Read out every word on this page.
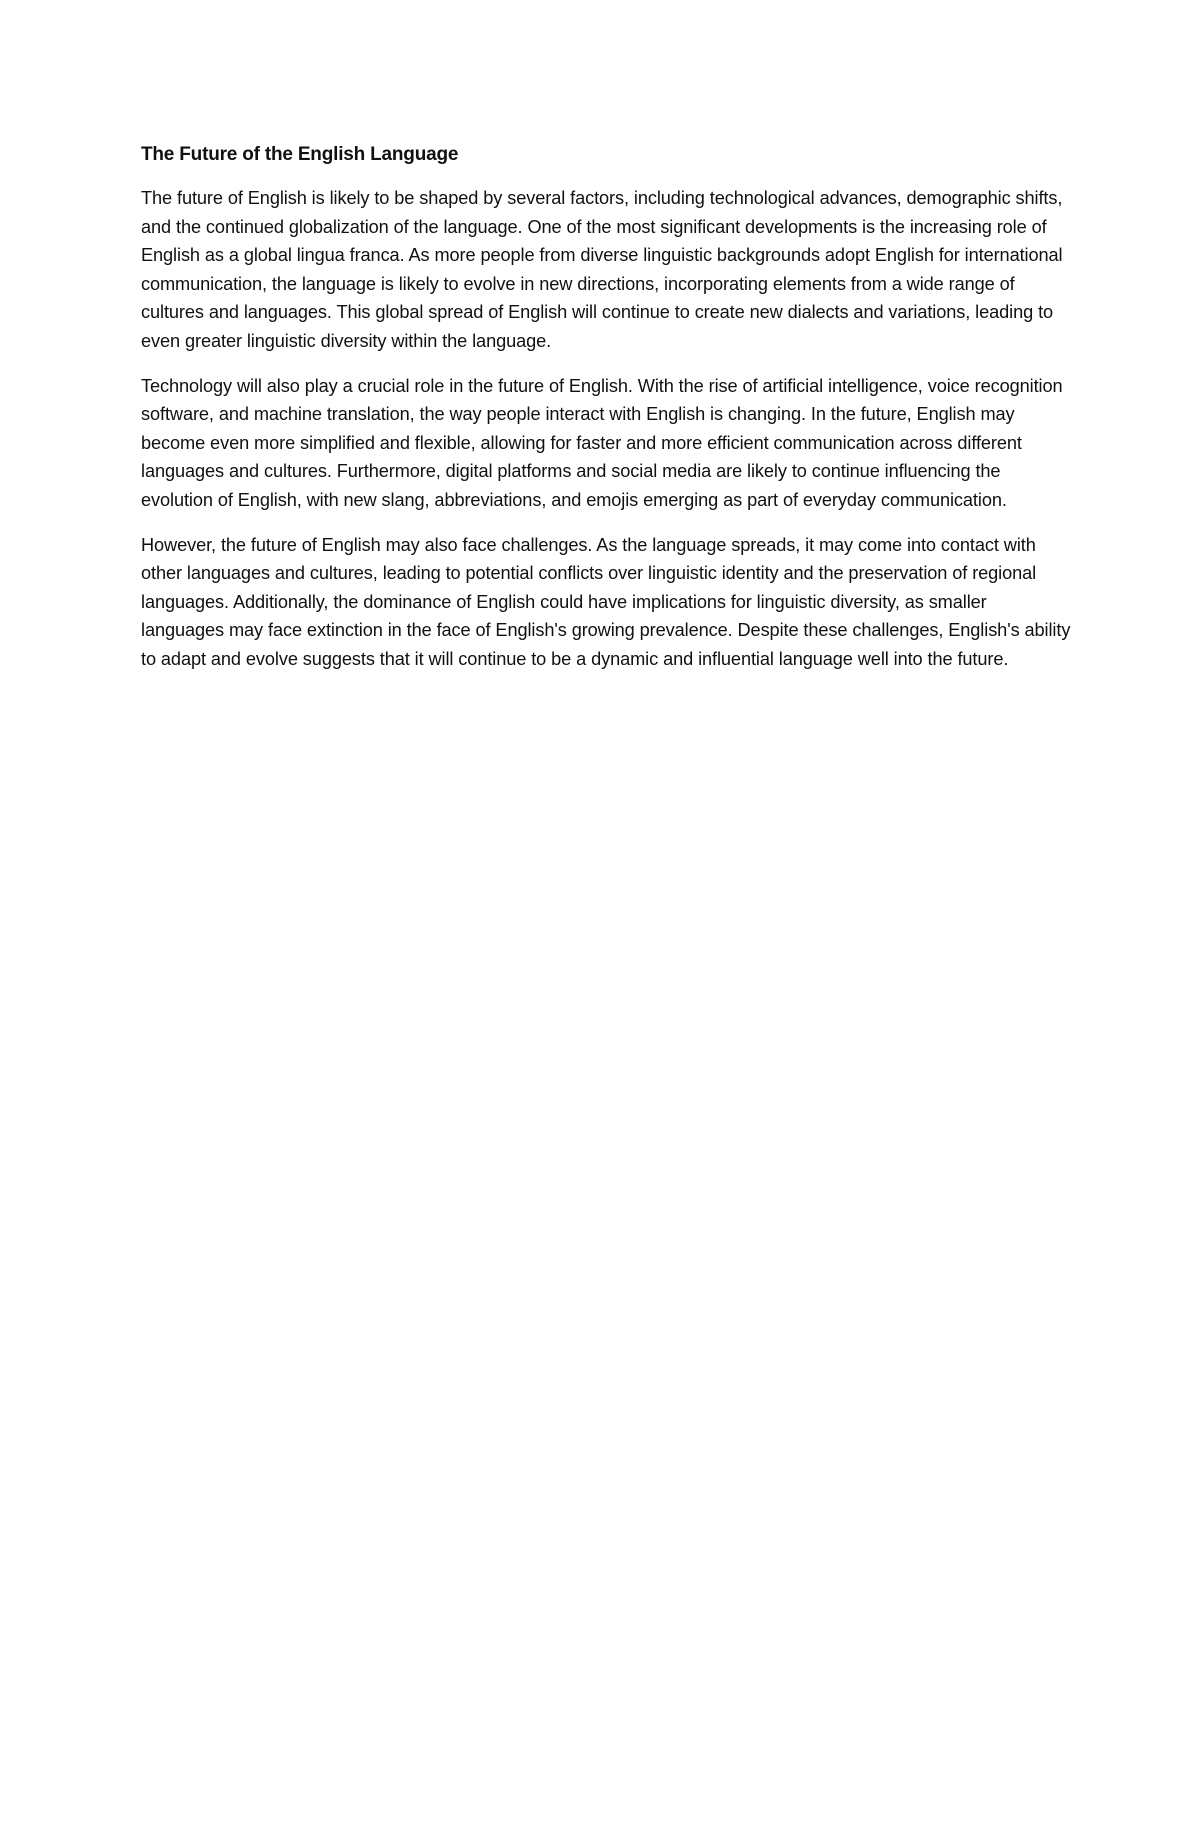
The Future of the English Language

The future of English is likely to be shaped by several factors, including technological advances, demographic shifts, and the continued globalization of the language. One of the most significant developments is the increasing role of English as a global lingua franca. As more people from diverse linguistic backgrounds adopt English for international communication, the language is likely to evolve in new directions, incorporating elements from a wide range of cultures and languages. This global spread of English will continue to create new dialects and variations, leading to even greater linguistic diversity within the language.

Technology will also play a crucial role in the future of English. With the rise of artificial intelligence, voice recognition software, and machine translation, the way people interact with English is changing. In the future, English may become even more simplified and flexible, allowing for faster and more efficient communication across different languages and cultures. Furthermore, digital platforms and social media are likely to continue influencing the evolution of English, with new slang, abbreviations, and emojis emerging as part of everyday communication.

However, the future of English may also face challenges. As the language spreads, it may come into contact with other languages and cultures, leading to potential conflicts over linguistic identity and the preservation of regional languages. Additionally, the dominance of English could have implications for linguistic diversity, as smaller languages may face extinction in the face of English's growing prevalence. Despite these challenges, English's ability to adapt and evolve suggests that it will continue to be a dynamic and influential language well into the future.
